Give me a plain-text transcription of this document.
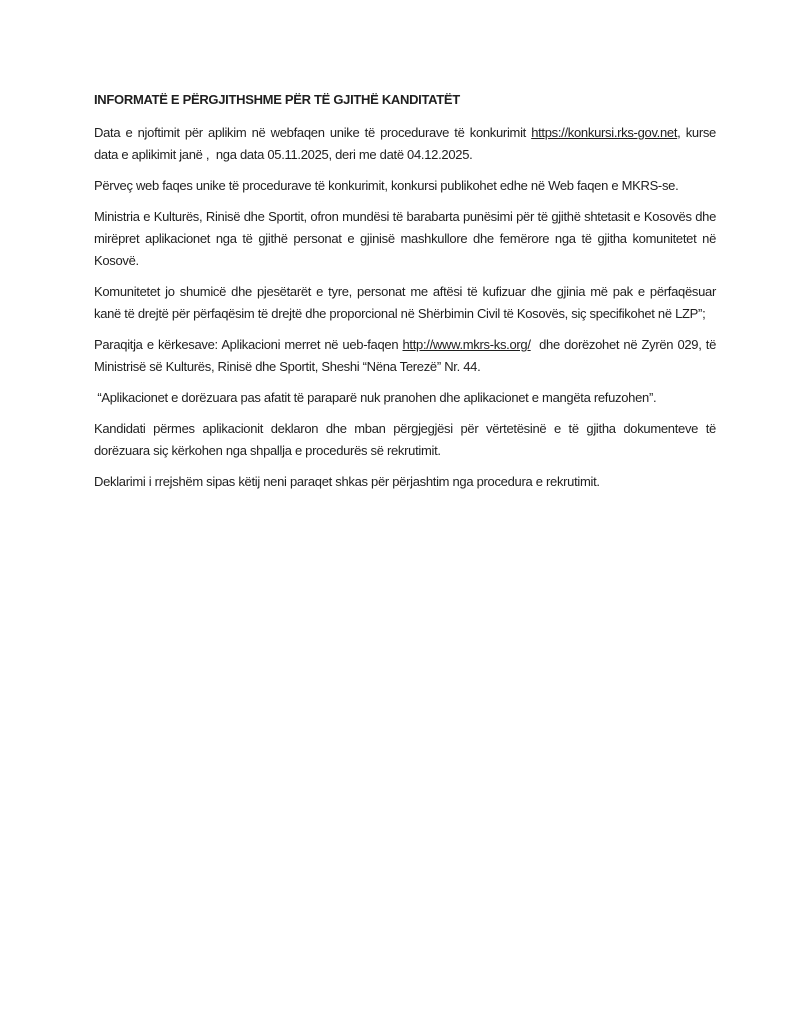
INFORMATË E PËRGJITHSHME PËR TË GJITHË KANDITATËT

Data e njoftimit për aplikim në webfaqen unike të procedurave të konkurimit https://konkursi.rks-gov.net, kurse data e aplikimit janë ,  nga data 05.11.2025, deri me datë 04.12.2025.

Përveç web faqes unike të procedurave të konkurimit, konkursi publikohet edhe në Web faqen e MKRS-se.

Ministria e Kulturës, Rinisë dhe Sportit, ofron mundësi të barabarta punësimi për të gjithë shtetasit e Kosovës dhe mirëpret aplikacionet nga të gjithë personat e gjinisë mashkullore dhe femërore nga të gjitha komunitetet në Kosovë.

Komunitetet jo shumicë dhe pjesëtarët e tyre, personat me aftësi të kufizuar dhe gjinia më pak e përfaqësuar kanë të drejtë për përfaqësim të drejtë dhe proporcional në Shërbimin Civil të Kosovës, siç specifikohet në LZP”;

Paraqitja e kërkesave: Aplikacioni merret në ueb-faqen http://www.mkrs-ks.org/  dhe dorëzohet në Zyrën 029, të Ministrisë së Kulturës, Rinisë dhe Sportit, Sheshi “Nëna Terezë” Nr. 44.

“Aplikacionet e dorëzuara pas afatit të paraparë nuk pranohen dhe aplikacionet e mangëta refuzohen”.

Kandidati përmes aplikacionit deklaron dhe mban përgjegjësi për vërtetësinë e të gjitha dokumenteve të dorëzuara siç kërkohen nga shpallja e procedurës së rekrutimit.

Deklarimi i rrejshëm sipas këtij neni paraqet shkas për përjashtim nga procedura e rekrutimit.
